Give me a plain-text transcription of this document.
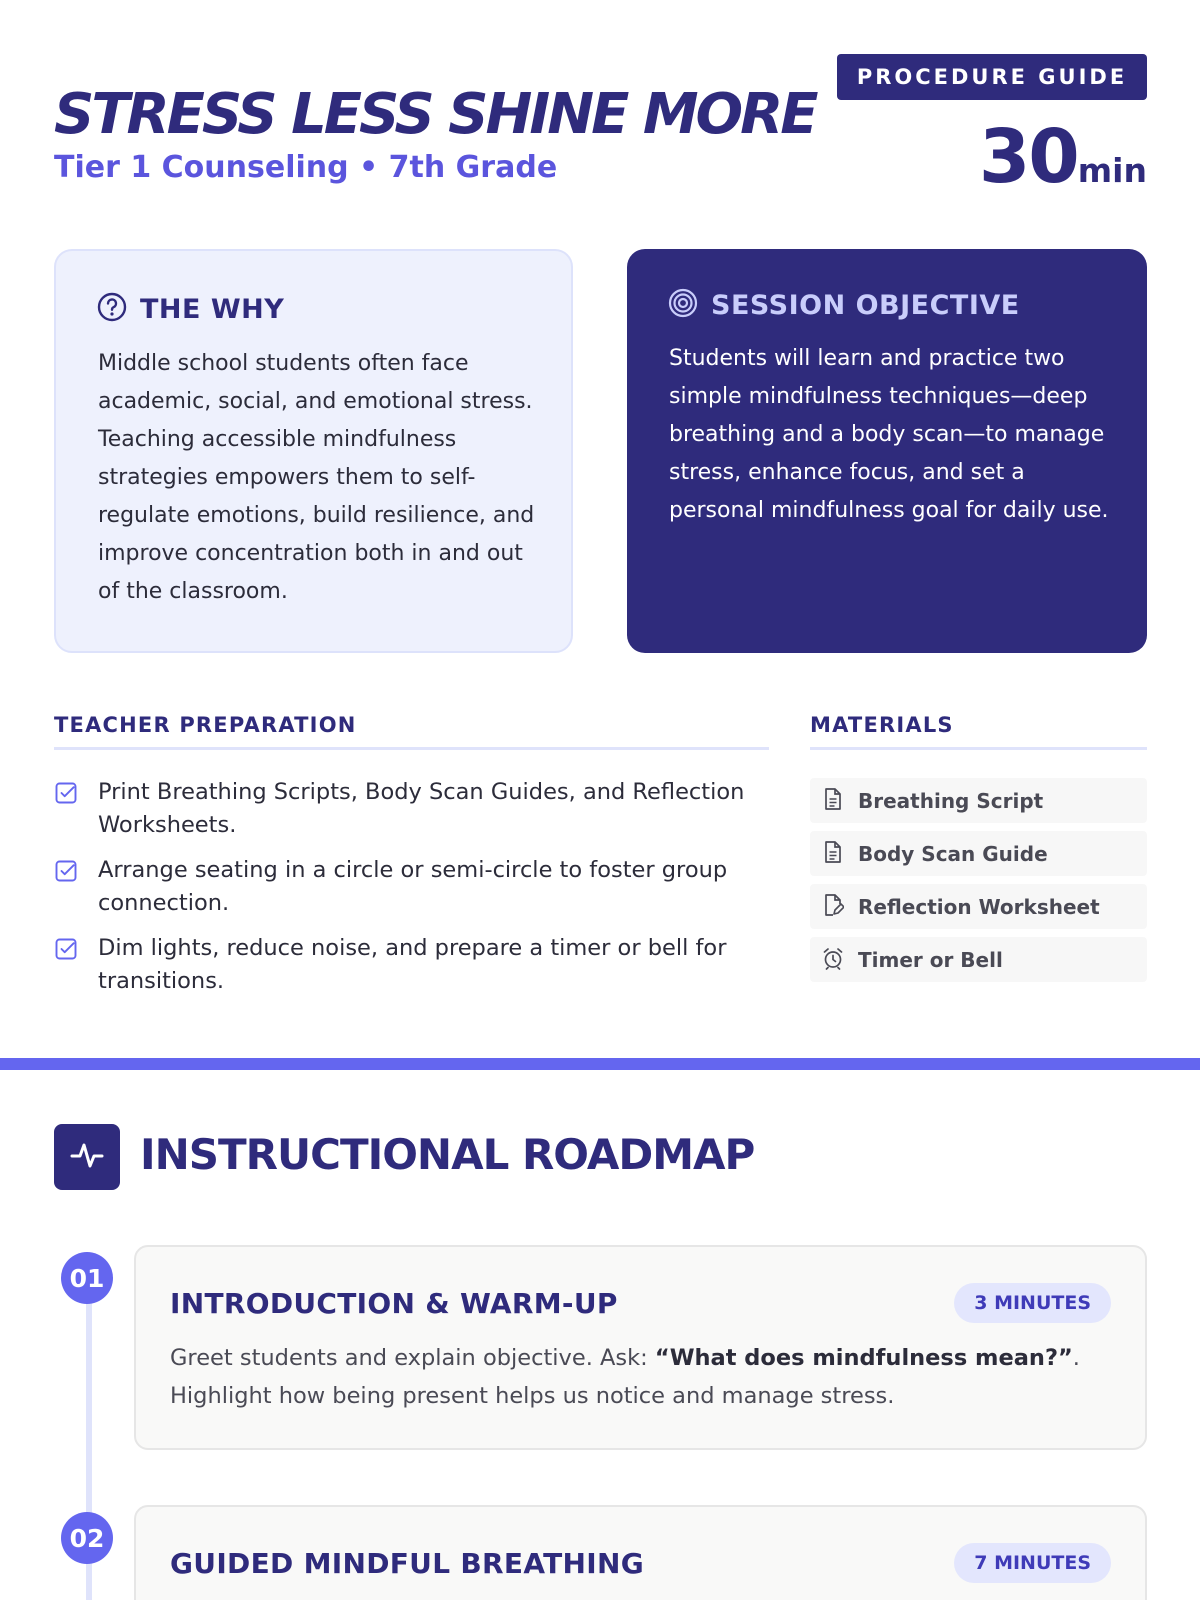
PROCEDURE GUIDE
STRESS LESS SHINE MORE
Tier 1 Counseling • 7th Grade	30 min
THE WHY

Middle school students often face academic, social, and emotional stress. Teaching accessible mindfulness strategies empowers them to self-regulate emotions, build resilience, and improve concentration both in and out of the classroom.

SESSION OBJECTIVE

Students will learn and practice two simple mindfulness techniques—deep breathing and a body scan—to manage stress, enhance focus, and set a personal mindfulness goal for daily use.

TEACHER PREPARATION
Print Breathing Scripts, Body Scan Guides, and Reflection Worksheets.
Arrange seating in a circle or semi-circle to foster group connection.
Dim lights, reduce noise, and prepare a timer or bell for transitions.
MATERIALS
Breathing Script
Body Scan Guide
Reflection Worksheet
Timer or Bell
INSTRUCTIONAL ROADMAP
01
INTRODUCTION & WARM-UP	3 MINUTES

Greet students and explain objective. Ask: “What does mindfulness mean?”. Highlight how being present helps us notice and manage stress.

02
GUIDED MINDFUL BREATHING	7 MINUTES
